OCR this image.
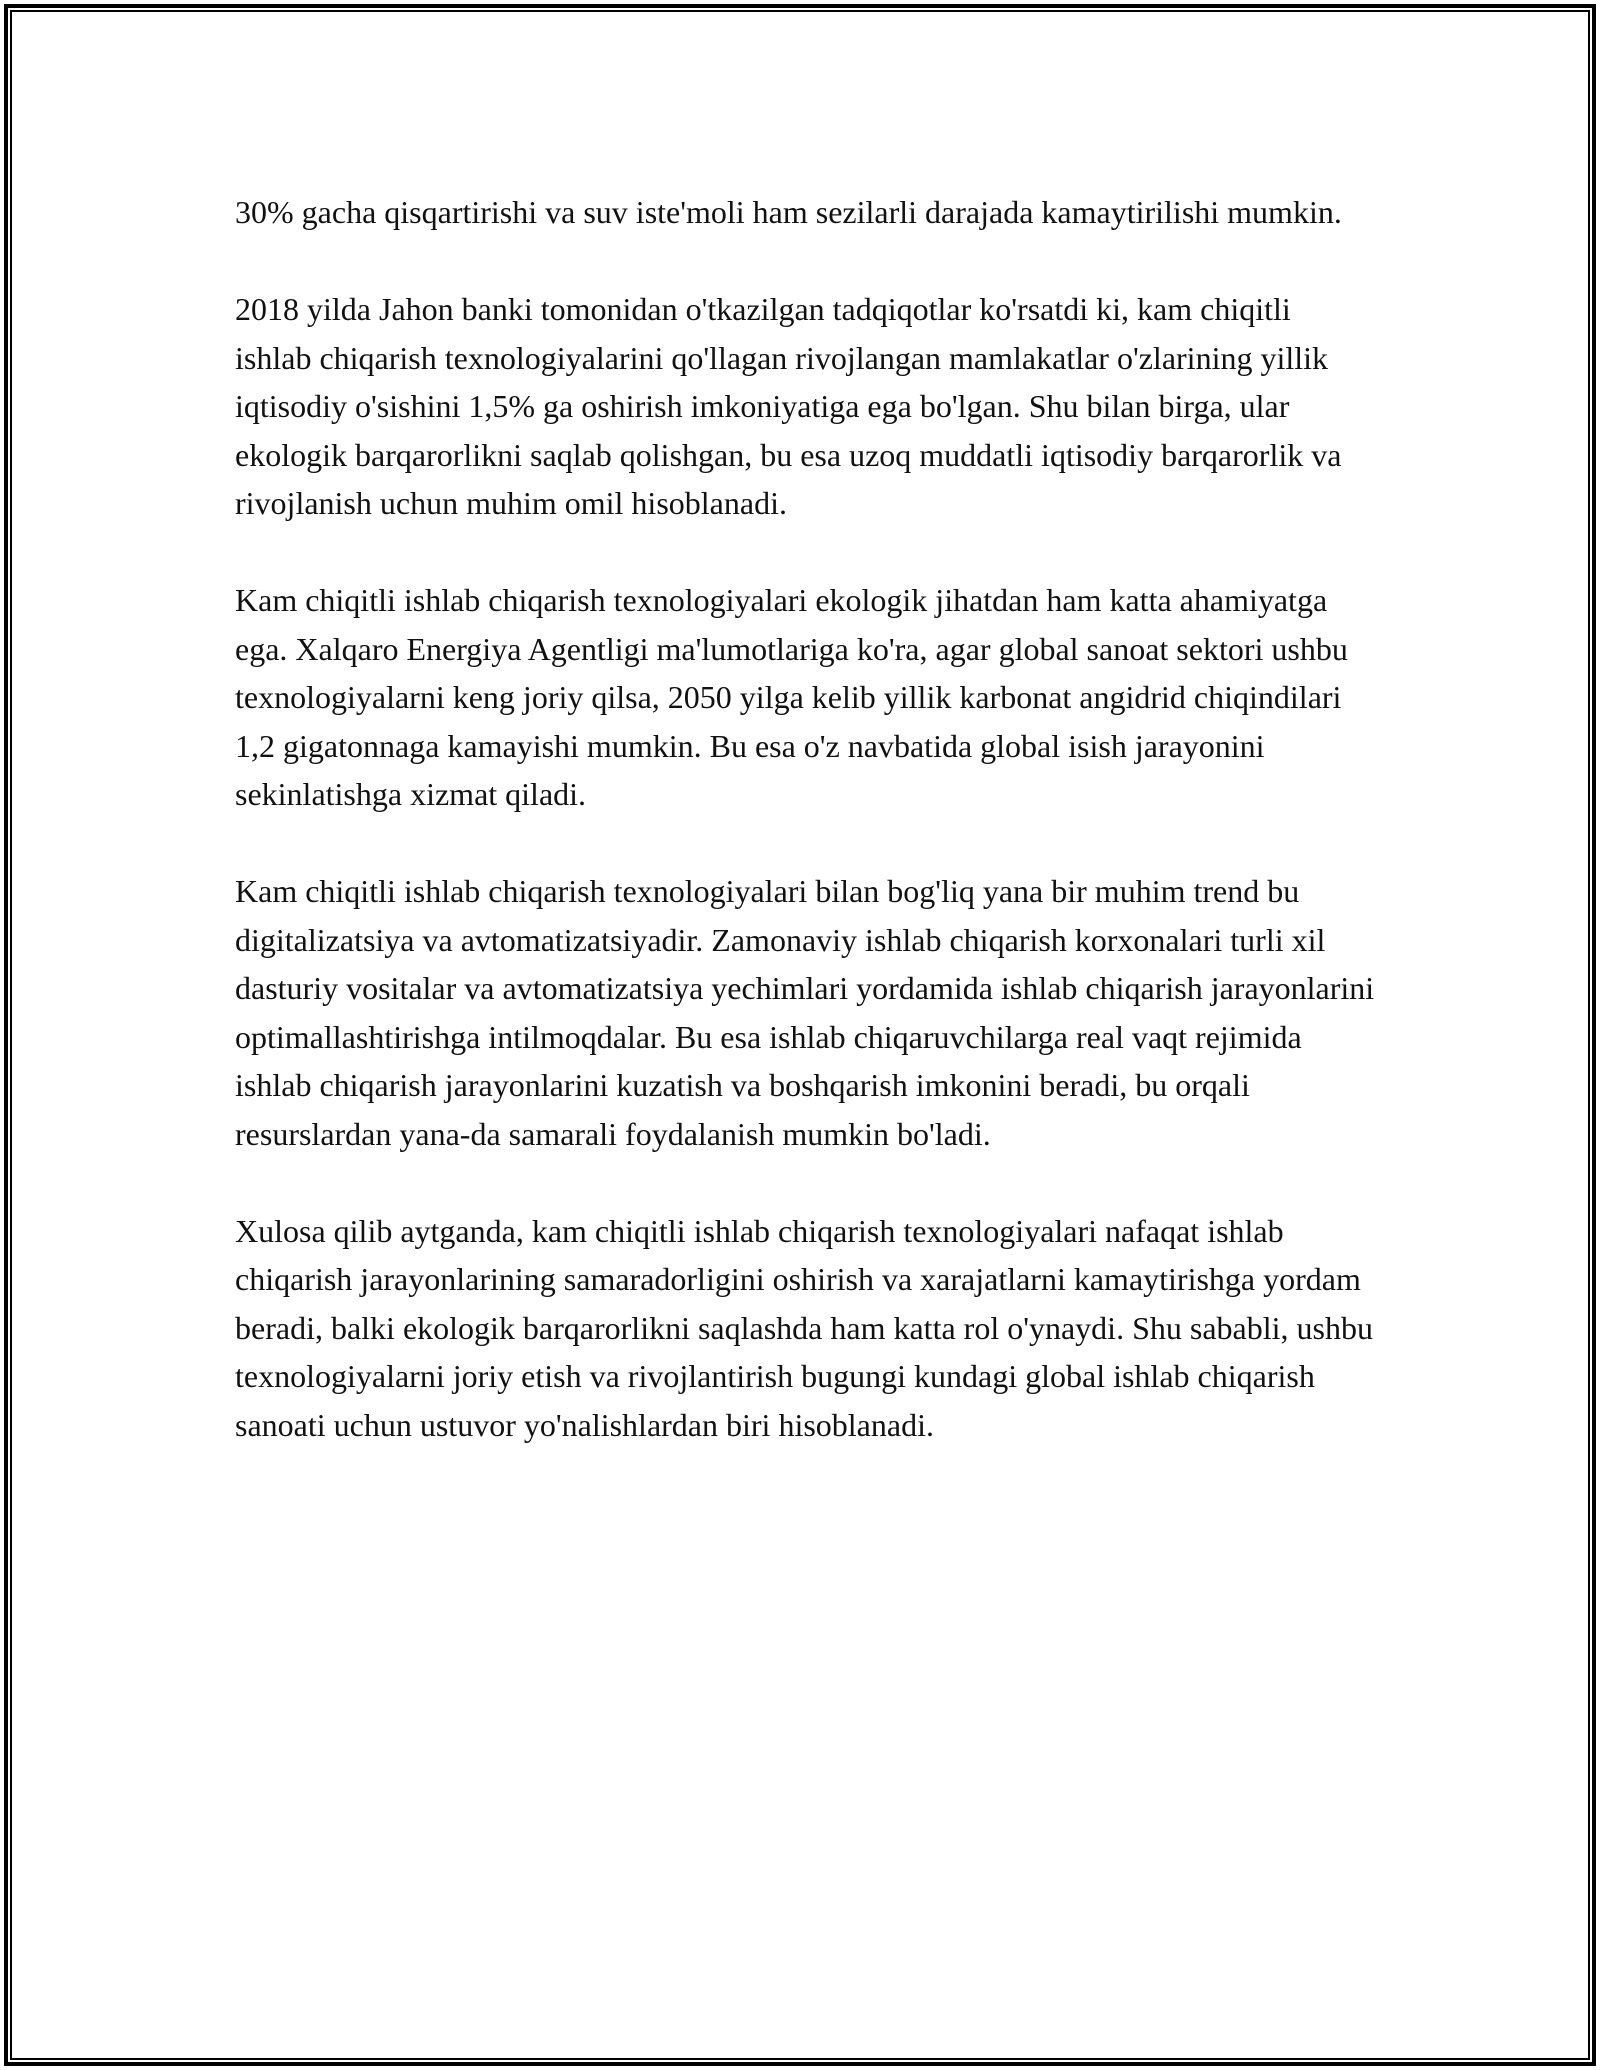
30% gacha qisqartirishi va suv iste'moli ham sezilarli darajada kamaytirilishi mumkin.

2018 yilda Jahon banki tomonidan o'tkazilgan tadqiqotlar ko'rsatdi ki, kam chiqitli ishlab chiqarish texnologiyalarini qo'llagan rivojlangan mamlakatlar o'zlarining yillik iqtisodiy o'sishini 1,5% ga oshirish imkoniyatiga ega bo'lgan. Shu bilan birga, ular ekologik barqarorlikni saqlab qolishgan, bu esa uzoq muddatli iqtisodiy barqarorlik va rivojlanish uchun muhim omil hisoblanadi.

Kam chiqitli ishlab chiqarish texnologiyalari ekologik jihatdan ham katta ahamiyatga ega. Xalqaro Energiya Agentligi ma'lumotlariga ko'ra, agar global sanoat sektori ushbu texnologiyalarni keng joriy qilsa, 2050 yilga kelib yillik karbonat angidrid chiqindilari 1,2 gigatonnaga kamayishi mumkin. Bu esa o'z navbatida global isish jarayonini sekinlatishga xizmat qiladi.

Kam chiqitli ishlab chiqarish texnologiyalari bilan bog'liq yana bir muhim trend bu digitalizatsiya va avtomatizatsiyadir. Zamonaviy ishlab chiqarish korxonalari turli xil dasturiy vositalar va avtomatizatsiya yechimlari yordamida ishlab chiqarish jarayonlarini optimallashtirishga intilmoqdalar. Bu esa ishlab chiqaruvchilarga real vaqt rejimida ishlab chiqarish jarayonlarini kuzatish va boshqarish imkonini beradi, bu orqali resurslardan yana-da samarali foydalanish mumkin bo'ladi.

Xulosa qilib aytganda, kam chiqitli ishlab chiqarish texnologiyalari nafaqat ishlab chiqarish jarayonlarining samaradorligini oshirish va xarajatlarni kamaytirishga yordam beradi, balki ekologik barqarorlikni saqlashda ham katta rol o'ynaydi. Shu sababli, ushbu texnologiyalarni joriy etish va rivojlantirish bugungi kundagi global ishlab chiqarish sanoati uchun ustuvor yo'nalishlardan biri hisoblanadi.
